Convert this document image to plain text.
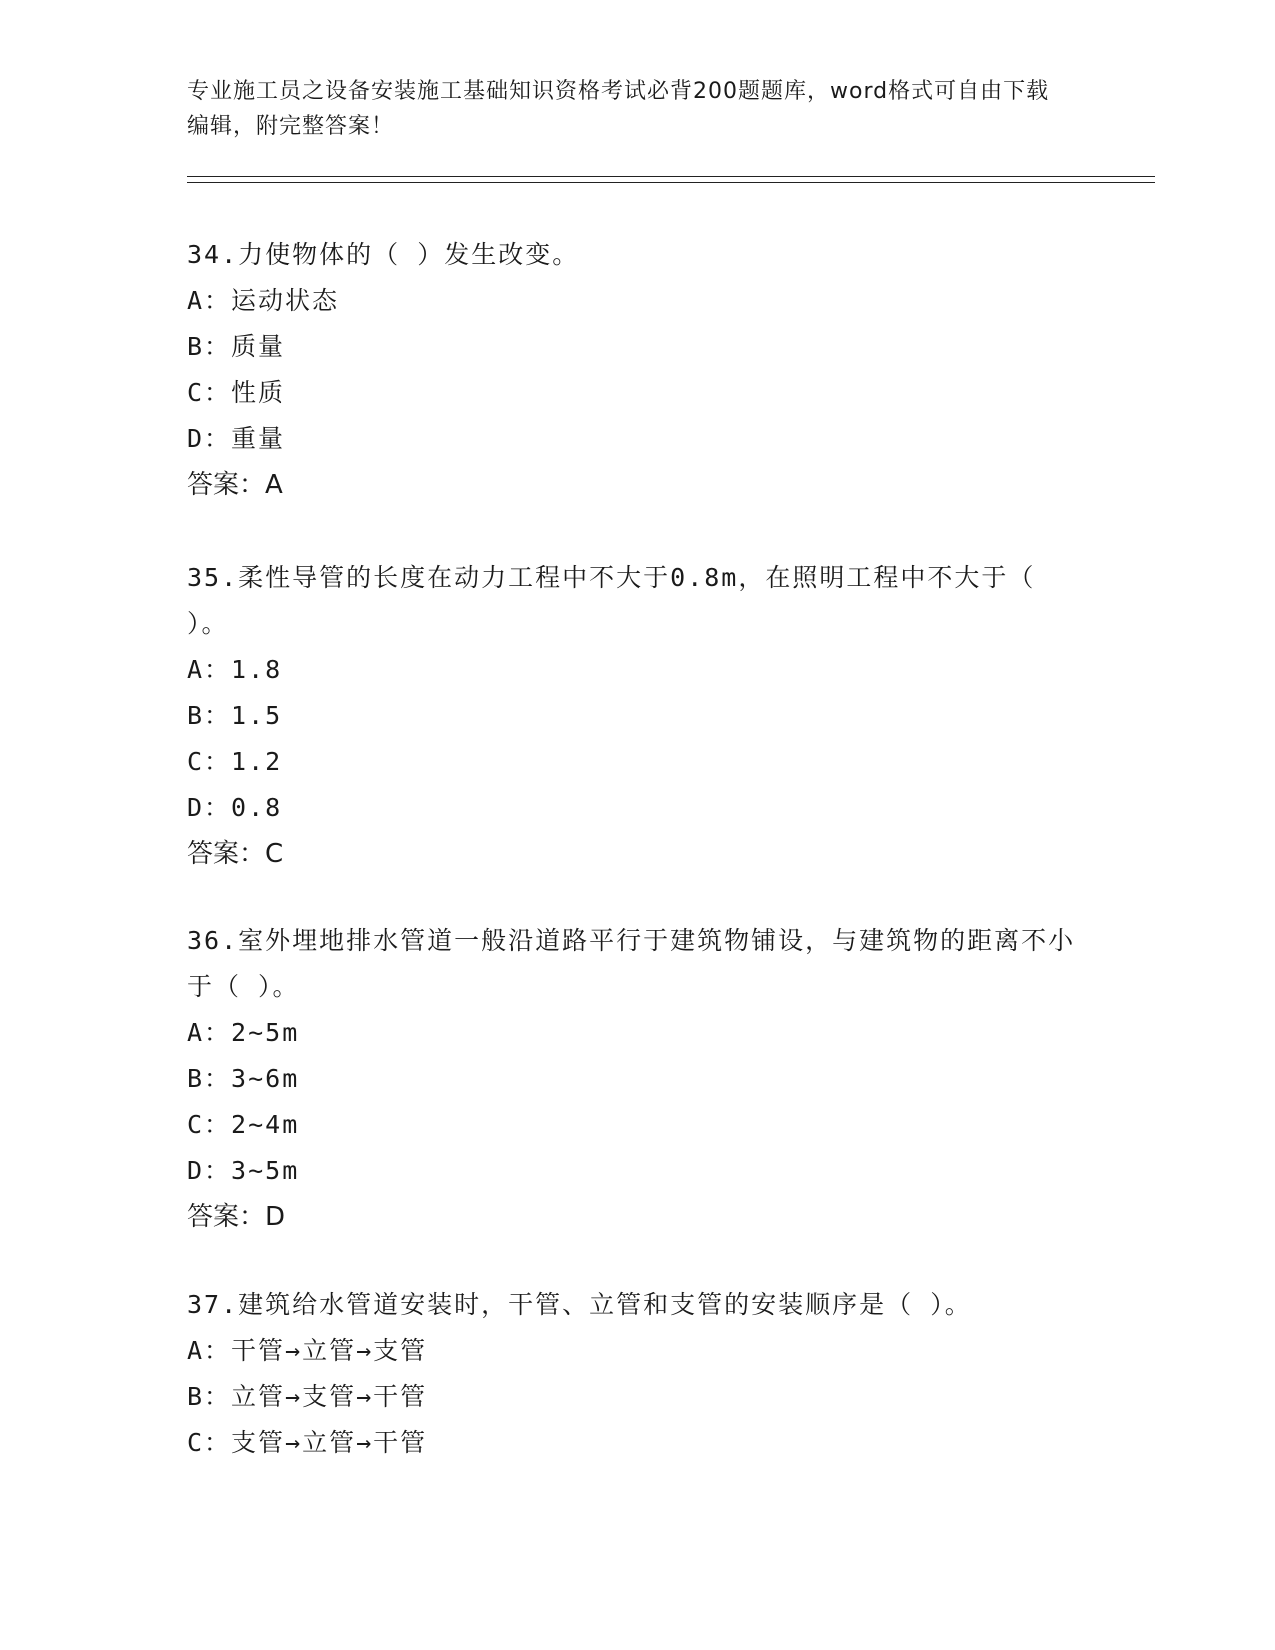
专业施工员之设备安装施工基础知识资格考试必背200题题库，word格式可自由下载编辑，附完整答案！
34.力使物体的（ ）发生改变。
A：运动状态
B：质量
C：性质
D：重量
答案：A
35.柔性导管的长度在动力工程中不大于0.8m，在照明工程中不大于（ ）。
A：1.8
B：1.5
C：1.2
D：0.8
答案：C
36.室外埋地排水管道一般沿道路平行于建筑物铺设，与建筑物的距离不小于（ ）。
A：2~5m
B：3~6m
C：2~4m
D：3~5m
答案：D
37.建筑给水管道安装时，干管、立管和支管的安装顺序是（ ）。
A：干管→立管→支管
B：立管→支管→干管
C：支管→立管→干管
